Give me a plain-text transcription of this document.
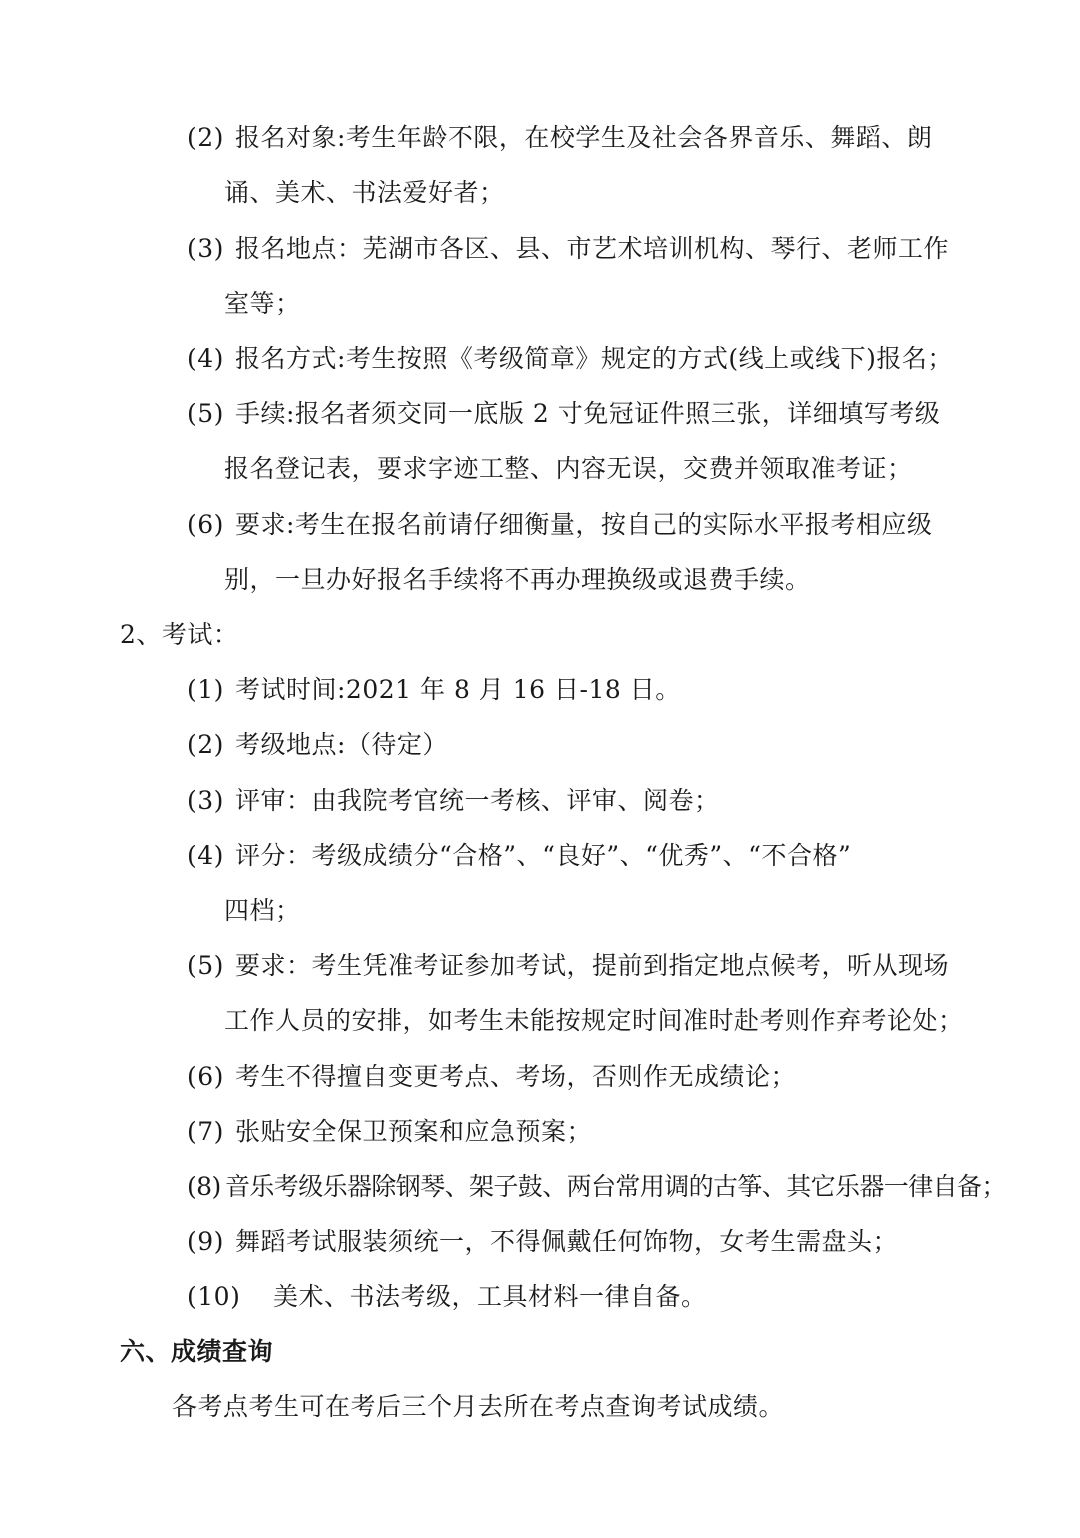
(2) 报名对象:考生年龄不限，在校学生及社会各界音乐、舞蹈、朗
诵、美术、书法爱好者；
(3) 报名地点：芜湖市各区、县、市艺术培训机构、琴行、老师工作
室等；
(4) 报名方式:考生按照《考级简章》规定的方式(线上或线下)报名；
(5) 手续:报名者须交同一底版 2 寸免冠证件照三张，详细填写考级
报名登记表，要求字迹工整、内容无误，交费并领取准考证；
(6) 要求:考生在报名前请仔细衡量，按自己的实际水平报考相应级
别，一旦办好报名手续将不再办理换级或退费手续。
2、考试：
(1) 考试时间:2021 年 8 月 16 日-18 日。
(2) 考级地点:（待定）
(3) 评审：由我院考官统一考核、评审、阅卷；
(4) 评分：考级成绩分“合格”、“良好”、“优秀”、“不合格”
四档；
(5) 要求：考生凭准考证参加考试，提前到指定地点候考，听从现场
工作人员的安排，如考生未能按规定时间准时赴考则作弃考论处；
(6) 考生不得擅自变更考点、考场，否则作无成绩论；
(7) 张贴安全保卫预案和应急预案；
(8) 音乐考级乐器除钢琴、架子鼓、两台常用调的古筝、其它乐器一律自备；
(9) 舞蹈考试服装须统一，不得佩戴任何饰物，女考生需盘头；
(10) 美术、书法考级，工具材料一律自备。
六、成绩查询
各考点考生可在考后三个月去所在考点查询考试成绩。
